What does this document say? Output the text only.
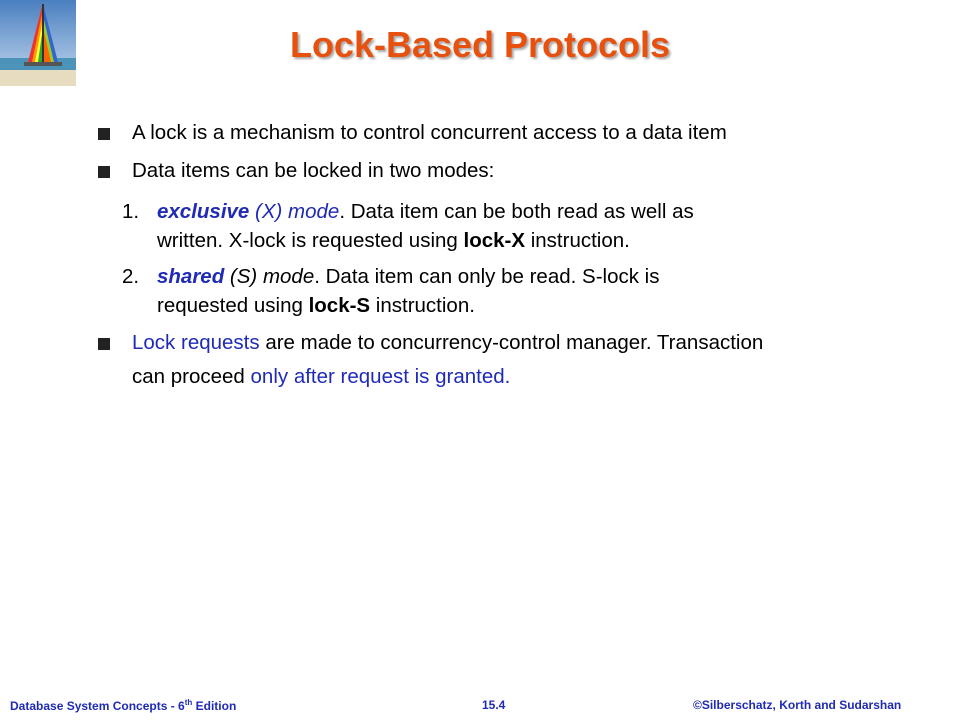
Lock-Based Protocols
A lock is a mechanism to control concurrent access to a data item
Data items can be locked in two modes:
1. exclusive (X) mode. Data item can be both read as well as
written. X-lock is requested using lock-X instruction.
2. shared (S) mode. Data item can only be read. S-lock is
requested using lock-S instruction.
Lock requests are made to concurrency-control manager. Transaction
can proceed only after request is granted.
Database System Concepts - 6th Edition	15.4	©Silberschatz, Korth and Sudarshan
